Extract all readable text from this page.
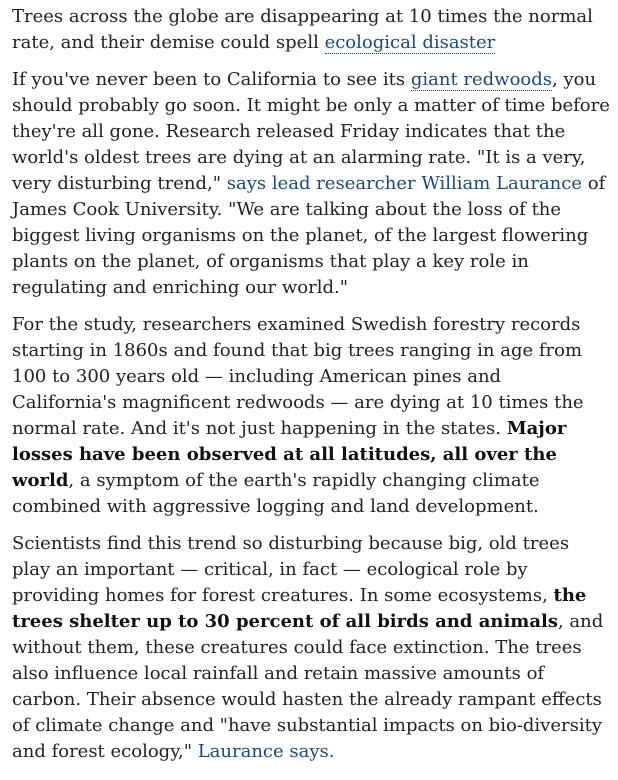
Trees across the globe are disappearing at 10 times the normal rate, and their demise could spell ecological disaster

If you've never been to California to see its giant redwoods, you should probably go soon. It might be only a matter of time before they're all gone. Research released Friday indicates that the world's oldest trees are dying at an alarming rate. "It is a very, very disturbing trend," says lead researcher William Laurance of James Cook University. "We are talking about the loss of the biggest living organisms on the planet, of the largest flowering plants on the planet, of organisms that play a key role in regulating and enriching our world."

For the study, researchers examined Swedish forestry records starting in 1860s and found that big trees ranging in age from 100 to 300 years old — including American pines and California's magnificent redwoods — are dying at 10 times the normal rate. And it's not just happening in the states. Major losses have been observed at all latitudes, all over the world, a symptom of the earth's rapidly changing climate combined with aggressive logging and land development.

Scientists find this trend so disturbing because big, old trees play an important — critical, in fact — ecological role by providing homes for forest creatures. In some ecosystems, the trees shelter up to 30 percent of all birds and animals, and without them, these creatures could face extinction. The trees also influence local rainfall and retain massive amounts of carbon. Their absence would hasten the already rampant effects of climate change and "have substantial impacts on bio-diversity and forest ecology," Laurance says.
